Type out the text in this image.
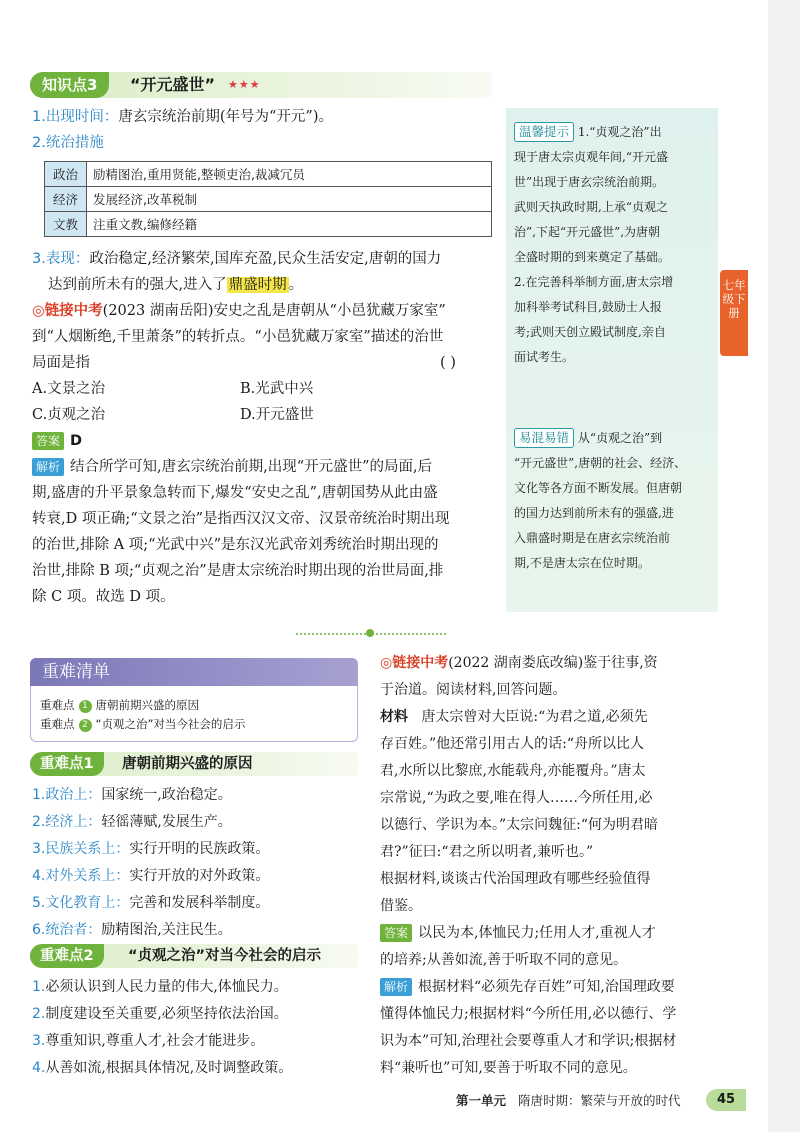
知识点3	“开元盛世” ★★★
1.出现时间：唐玄宗统治前期(年号为“开元”)。
2.统治措施
政治	励精图治,重用贤能,整顿吏治,裁减冗员
经济	发展经济,改革税制
文教	注重文教,编修经籍
3.表现：政治稳定,经济繁荣,国库充盈,民众生活安定,唐朝的国力
达到前所未有的强大,进入了 鼎盛时期 。
◎链接中考(2023 湖南岳阳)安史之乱是唐朝从“小邑犹藏万家室”
到“人烟断绝,千里萧条”的转折点。“小邑犹藏万家室”描述的治世
局面是指	( )
A.文景之治	B.光武中兴
C.贞观之治	D.开元盛世
答案 D
解析 结合所学可知,唐玄宗统治前期,出现“开元盛世”的局面,后
期,盛唐的升平景象急转而下,爆发“安史之乱”,唐朝国势从此由盛
转衰,D 项正确;“文景之治”是指西汉汉文帝、汉景帝统治时期出现
的治世,排除 A 项;“光武中兴”是东汉光武帝刘秀统治时期出现的
治世,排除 B 项;“贞观之治”是唐太宗统治时期出现的治世局面,排
除 C 项。故选 D 项。
温馨提示 1.“贞观之治”出
现于唐太宗贞观年间,“开元盛
世”出现于唐玄宗统治前期。
武则天执政时期,上承“贞观之
治”,下起“开元盛世”,为唐朝
全盛时期的到来奠定了基础。
2.在完善科举制方面,唐太宗增
加科举考试科目,鼓励士人报
考;武则天创立殿试制度,亲自
面试考生。
易混易错 从“贞观之治”到
“开元盛世”,唐朝的社会、经济、
文化等各方面不断发展。但唐朝
的国力达到前所未有的强盛,进
入鼎盛时期是在唐玄宗统治前
期,不是唐太宗在位时期。
七年级下册
重难清单
重难点 1 唐朝前期兴盛的原因
重难点 2 “贞观之治”对当今社会的启示
重难点1	唐朝前期兴盛的原因
1.政治上：国家统一,政治稳定。
2.经济上：轻徭薄赋,发展生产。
3.民族关系上：实行开明的民族政策。
4.对外关系上：实行开放的对外政策。
5.文化教育上：完善和发展科举制度。
6.统治者：励精图治,关注民生。
重难点2	“贞观之治”对当今社会的启示
1.必须认识到人民力量的伟大,体恤民力。
2.制度建设至关重要,必须坚持依法治国。
3.尊重知识,尊重人才,社会才能进步。
4.从善如流,根据具体情况,及时调整政策。
◎链接中考(2022 湖南娄底改编)鉴于往事,资
于治道。阅读材料,回答问题。
材料 唐太宗曾对大臣说:“为君之道,必须先
存百姓。”他还常引用古人的话:“舟所以比人
君,水所以比黎庶,水能载舟,亦能覆舟。”唐太
宗常说,“为政之要,唯在得人……今所任用,必
以德行、学识为本。”太宗问魏征:“何为明君暗
君?”征曰:“君之所以明者,兼听也。”
根据材料,谈谈古代治国理政有哪些经验值得
借鉴。
答案 以民为本,体恤民力;任用人才,重视人才
的培养;从善如流,善于听取不同的意见。
解析 根据材料“必须先存百姓”可知,治国理政要
懂得体恤民力;根据材料“今所任用,必以德行、学
识为本”可知,治理社会要尊重人才和学识;根据材
料“兼听也”可知,要善于听取不同的意见。
第一单元 隋唐时期：繁荣与开放的时代	45
